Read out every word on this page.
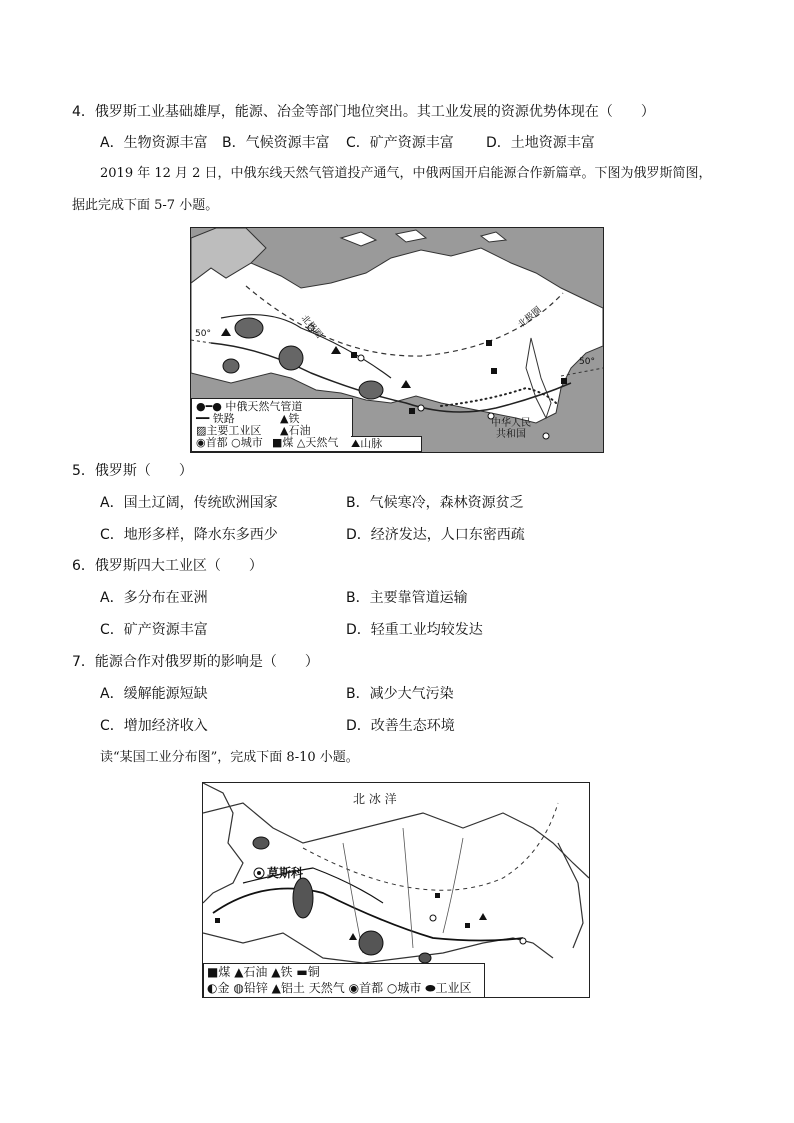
4．俄罗斯工业基础雄厚，能源、冶金等部门地位突出。其工业发展的资源优势体现在（　　）
A．生物资源丰富 B．气候资源丰富 C．矿产资源丰富 D．土地资源丰富
2019 年 12 月 2 日，中俄东线天然气管道投产通气，中俄两国开启能源合作新篇章。下图为俄罗斯简图，
据此完成下面 5-7 小题。
北极圈	北极圈
50°
50°
中华人民
共和国
●━● 中俄天然气管道
━━ 铁路	▲铁
▨主要工业区 ▲石油
◉首都 ○城市 ■煤 △天然气 ⛰山脉
5．俄罗斯（　　）
A．国土辽阔，传统欧洲国家	B．气候寒冷，森林资源贫乏
C．地形多样，降水东多西少	D．经济发达，人口东密西疏
6．俄罗斯四大工业区（　　）
A．多分布在亚洲	B．主要靠管道运输
C．矿产资源丰富	D．轻重工业均较发达
7．能源合作对俄罗斯的影响是（　　）
A．缓解能源短缺	B．减少大气污染
C．增加经济收入	D．改善生态环境
读“某国工业分布图”，完成下面 8-10 小题。
北 冰 洋
莫斯科
■煤 ▲石油 ▲铁 ▬铜
◐金 ◍铅锌 ▲铝土 天然气 ◉首都 ○城市 ⬬工业区
